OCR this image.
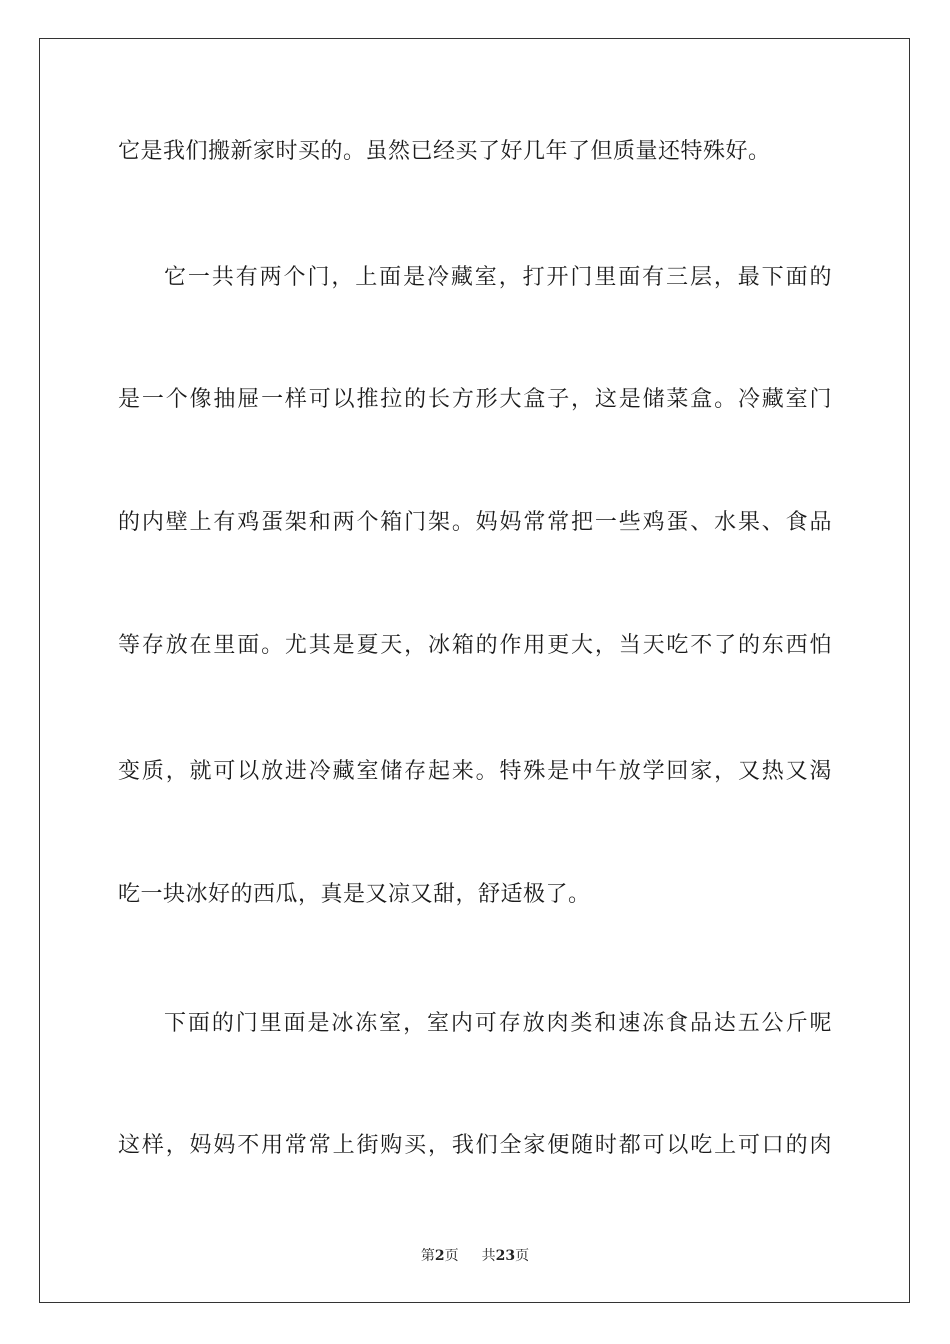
它是我们搬新家时买的。虽然已经买了好几年了但质量还特殊好。
它一共有两个门，上面是冷藏室，打开门里面有三层，最下面的
是一个像抽屉一样可以推拉的长方形大盒子，这是储菜盒。冷藏室门
的内壁上有鸡蛋架和两个箱门架。妈妈常常把一些鸡蛋、水果、食品
等存放在里面。尤其是夏天，冰箱的作用更大，当天吃不了的东西怕
变质，就可以放进冷藏室储存起来。特殊是中午放学回家，又热又渴
吃一块冰好的西瓜，真是又凉又甜，舒适极了。
下面的门里面是冰冻室，室内可存放肉类和速冻食品达五公斤呢
这样，妈妈不用常常上街购买，我们全家便随时都可以吃上可口的肉
第2页 共23页
